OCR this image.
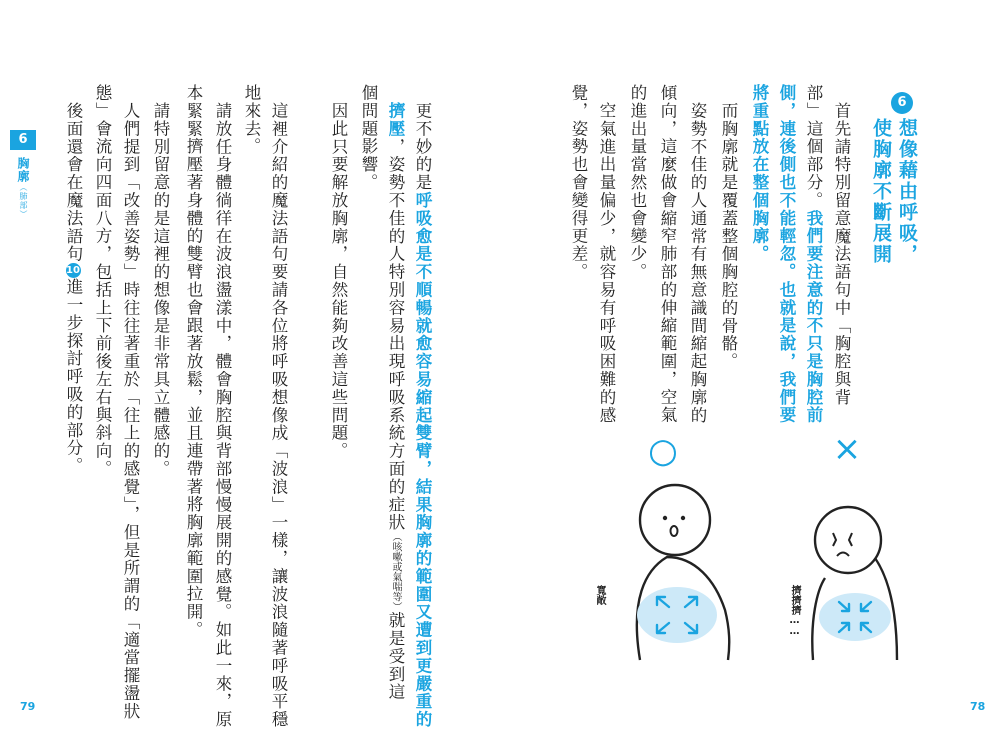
6
胸廓（肺部）
更不妙的是呼吸愈是不順暢就愈容易縮起雙臂，結果胸廓的範圍又遭到更嚴重的
擠壓，姿勢不佳的人特別容易出現呼吸系統方面的症狀（咳嗽或氣喘等）就是受到這
個問題影響。
因此只要解放胸廓，自然能夠改善這些問題。
這裡介紹的魔法語句要請各位將呼吸想像成「波浪」一樣，讓波浪隨著呼吸平穩
地來去。
請放任身體徜徉在波浪盪漾中，體會胸腔與背部慢慢展開的感覺。如此一來，原
本緊緊擠壓著身體的雙臂也會跟著放鬆，並且連帶著將胸廓範圍拉開。
請特別留意的是這裡的想像是非常具立體感的。
人們提到「改善姿勢」時往往著重於「往上的感覺」，但是所謂的「適當擺盪狀
態」會流向四面八方，包括上下前後左右與斜向。
後面還會在魔法語句10進一步探討呼吸的部分。
79
6
想像藉由呼吸，
使胸廓不斷展開
首先請特別留意魔法語句中「胸腔與背
部」這個部分。我們要注意的不只是胸腔前
側，連後側也不能輕忽。也就是說，我們要
將重點放在整個胸廓。
而胸廓就是覆蓋整個胸腔的骨骼。
姿勢不佳的人通常有無意識間縮起胸廓的
傾向，這麼做會縮窄肺部的伸縮範圍，空氣
的進出量當然也會變少。
空氣進出量偏少，就容易有呼吸困難的感
覺，姿勢也會變得更差。
○	×
寬敞	擠擠擠……
78
